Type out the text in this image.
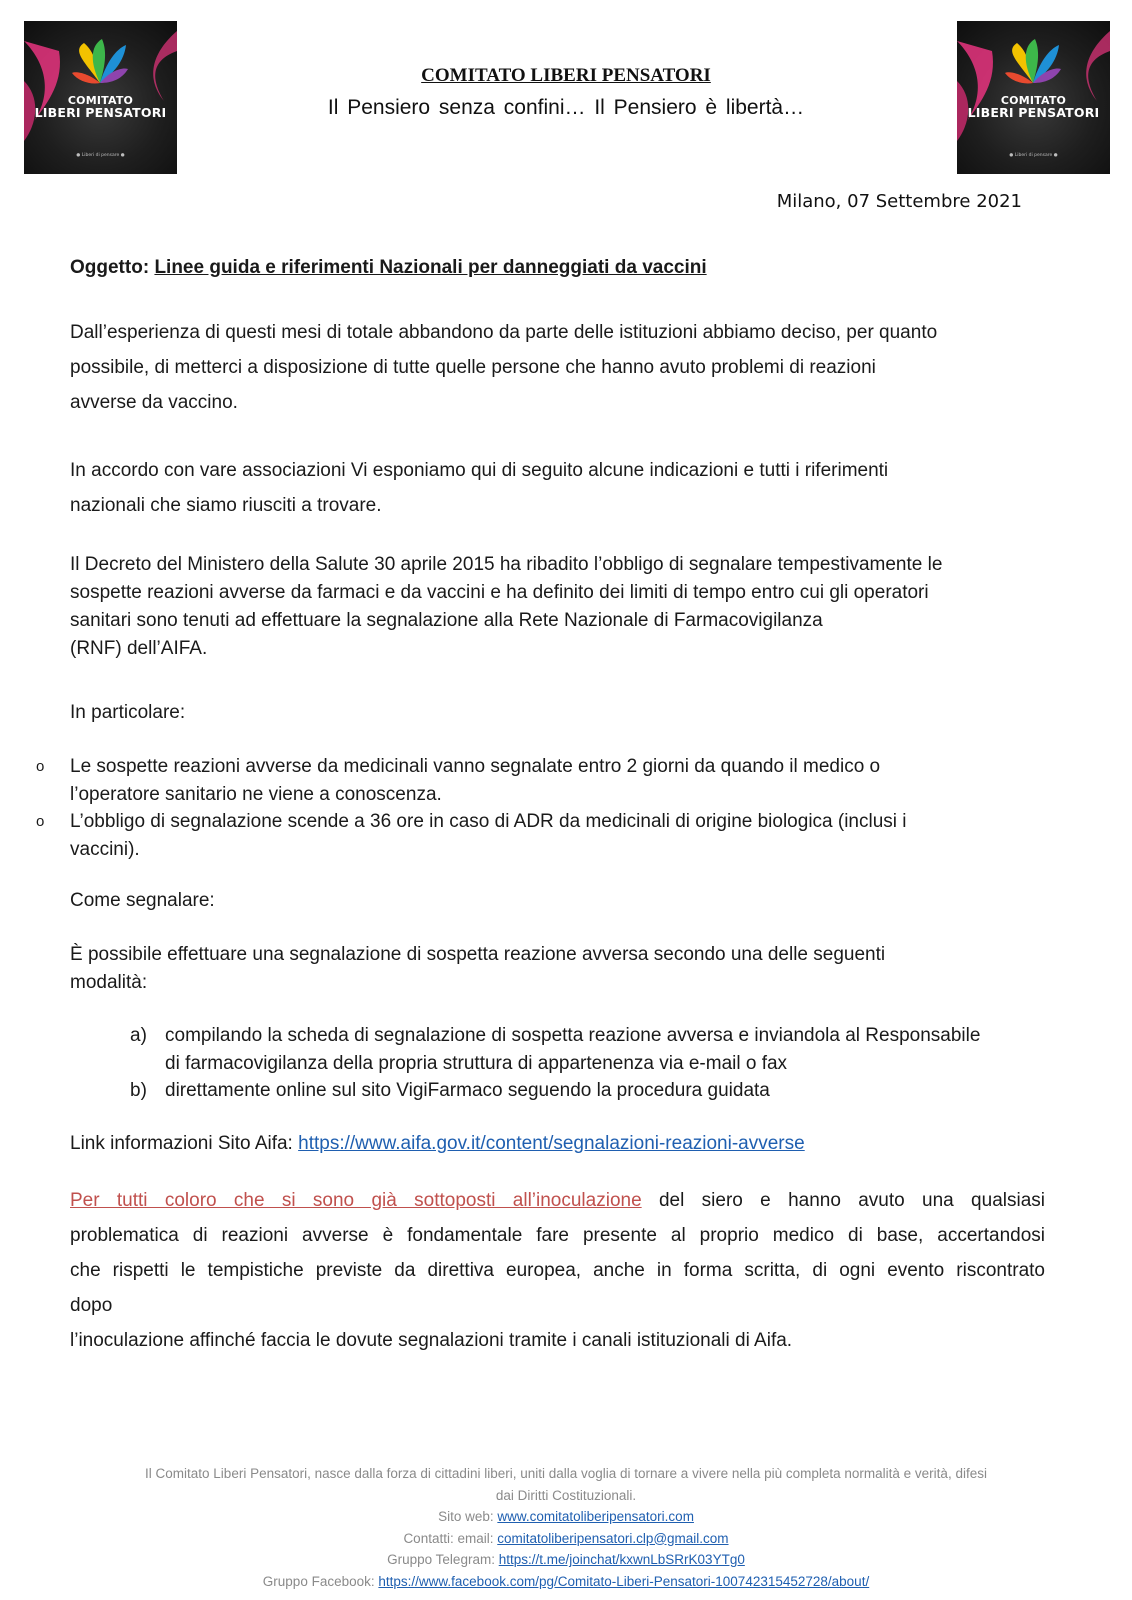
COMITATO
LIBERI PENSATORI
● Liberi di pensare ●
COMITATO
LIBERI PENSATORI
● Liberi di pensare ●
COMITATO LIBERI PENSATORI
Il Pensiero senza confini… Il Pensiero è libertà…
Milano, 07 Settembre 2021
Oggetto: Linee guida e riferimenti Nazionali per danneggiati da vaccini
Dall’esperienza di questi mesi di totale abbandono da parte delle istituzioni abbiamo deciso, per quanto
possibile, di metterci a disposizione di tutte quelle persone che hanno avuto problemi di reazioni
avverse da vaccino.
In accordo con vare associazioni Vi esponiamo qui di seguito alcune indicazioni e tutti i riferimenti
nazionali che siamo riusciti a trovare.
Il Decreto del Ministero della Salute 30 aprile 2015 ha ribadito l’obbligo di segnalare tempestivamente le
sospette reazioni avverse da farmaci e da vaccini e ha definito dei limiti di tempo entro cui gli operatori
sanitari sono tenuti ad effettuare la segnalazione alla Rete Nazionale di Farmacovigilanza
(RNF) dell’AIFA.
In particolare:
o Le sospette reazioni avverse da medicinali vanno segnalate entro 2 giorni da quando il medico o
l’operatore sanitario ne viene a conoscenza.
o L’obbligo di segnalazione scende a 36 ore in caso di ADR da medicinali di origine biologica (inclusi i
vaccini).
Come segnalare:
È possibile effettuare una segnalazione di sospetta reazione avversa secondo una delle seguenti
modalità:
a) compilando la scheda di segnalazione di sospetta reazione avversa e inviandola al Responsabile
di farmacovigilanza della propria struttura di appartenenza via e-mail o fax
b) direttamente online sul sito VigiFarmaco seguendo la procedura guidata
Link informazioni Sito Aifa: https://www.aifa.gov.it/content/segnalazioni-reazioni-avverse
Per tutti coloro che si sono già sottoposti all’inoculazione del siero e hanno avuto una qualsiasi
problematica di reazioni avverse è fondamentale fare presente al proprio medico di base, accertandosi
che rispetti le tempistiche previste da direttiva europea, anche in forma scritta, di ogni evento riscontrato
dopo
l’inoculazione affinché faccia le dovute segnalazioni tramite i canali istituzionali di Aifa.
Il Comitato Liberi Pensatori, nasce dalla forza di cittadini liberi, uniti dalla voglia di tornare a vivere nella più completa normalità e verità, difesi
dai Diritti Costituzionali.
Sito web: www.comitatoliberipensatori.com
Contatti: email: comitatoliberipensatori.clp@gmail.com
Gruppo Telegram: https://t.me/joinchat/kxwnLbSRrK03YTg0
Gruppo Facebook: https://www.facebook.com/pg/Comitato-Liberi-Pensatori-100742315452728/about/
